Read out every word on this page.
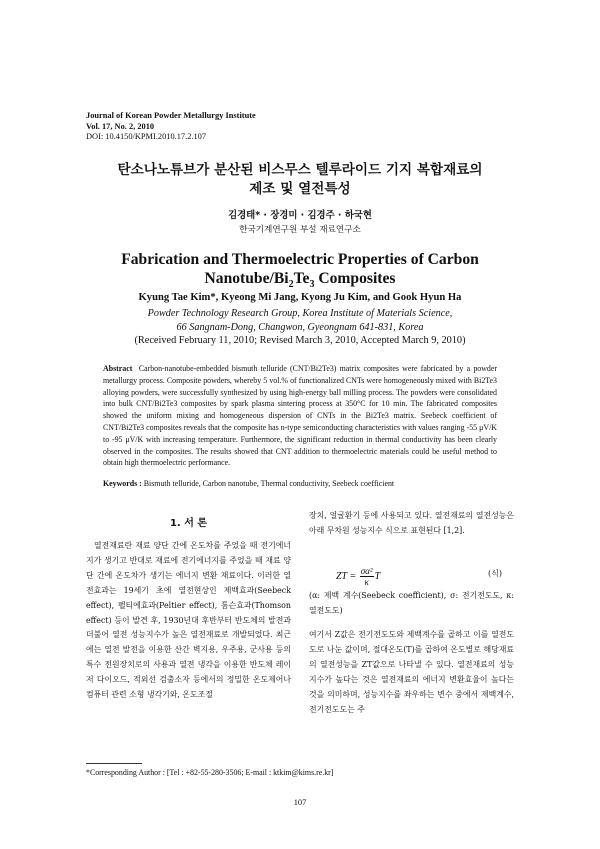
Journal of Korean Powder Metallurgy Institute
Vol. 17, No. 2, 2010
DOI: 10.4150/KPMI.2010.17.2.107
탄소나노튜브가 분산된 비스무스 텔루라이드 기지 복합재료의
제조 및 열전특성
김경태* · 장경미 · 김경주 · 하국현
한국기계연구원 부설 재료연구소
Fabrication and Thermoelectric Properties of Carbon
Nanotube/$Bi_2Te_3$ Composites
Kyung Tae Kim*, Kyeong Mi Jang, Kyong Ju Kim, and Gook Hyun Ha
Powder Technology Research Group, Korea Institute of Materials Science,
66 Sangnam-Dong, Changwon, Gyeongnam 641-831, Korea
(Received February 11, 2010; Revised March 3, 2010, Accepted March 9, 2010)
Abstract Carbon-nanotube-embedded bismuth telluride (CNT/Bi2Te3) matrix composites were fabricated by a powder metallurgy process. Composite powders, whereby 5 vol.% of functionalized CNTs were homogeneously mixed with Bi2Te3 alloying powders, were successfully synthesized by using high-energy ball milling process. The powders were consolidated into bulk CNT/Bi2Te3 composites by spark plasma sintering process at 350°C for 10 min. The fabricated composites showed the uniform mixing and homogeneous dispersion of CNTs in the Bi2Te3 matrix. Seebeck coefficient of CNT/Bi2Te3 composites reveals that the composite has n-type semiconducting characteristics with values ranging -55 μV/K to -95 μV/K with increasing temperature. Furthermore, the significant reduction in thermal conductivity has been clearly observed in the composites. The results showed that CNT addition to thermoelectric materials could be useful method to obtain high thermoelectric performance.
Keywords : Bismuth telluride, Carbon nanotube, Thermal conductivity, Seebeck coefficient
1. 서 론

열전재료란 재료 양단 간에 온도차를 주었을 때 전기에너지가 생기고 반대로 재료에 전기에너지를 주었을 때 재료 양단 간에 온도차가 생기는 에너지 변환 재료이다. 이러한 열전효과는 19세기 초에 열전현상인 제백효과(Seebeck effect), 펠티에효과(Peltier effect), 톰슨효과(Thomson effect) 등이 발견 후, 1930년대 후반부터 반도체의 발전과 더불어 열전 성능지수가 높은 열전재료로 개발되었다. 최근에는 열전 발전을 이용한 산간 벽지용, 우주용, 군사용 등의 특수 전원장치로의 사용과 열전 냉각을 이용한 반도체 레이저 다이오드, 적외선 검출소자 등에서의 정밀한 온도제어나 컴퓨터 관련 소형 냉각기와, 온도조절

장치, 얼굴환기 등에 사용되고 있다. 열전재료의 열전성능은 아래 무차원 성능지수 식으로 표현된다 [1,2].

ZT = $\frac{\text{σα²}}{\kappa}$ T	(식)

(α: 제백 계수(Seebeck coefficient), σ: 전기전도도, κ: 열전도도)

여기서 Z값은 전기전도도와 제백계수를 곱하고 이를 열전도도로 나눈 값이며, 절대온도(T)를 곱하여 온도별로 해당재료의 열전성능을 ZT값으로 나타낼 수 있다. 열전재료의 성능지수가 높다는 것은 열전재료의 에너지 변환효율이 높다는 것을 의미하며, 성능지수를 좌우하는 변수 중에서 제백계수, 전기전도도는 주

*Corresponding Author : [Tel : +82-55-280-3506; E-mail : ktkim@kims.re.kr]
107
